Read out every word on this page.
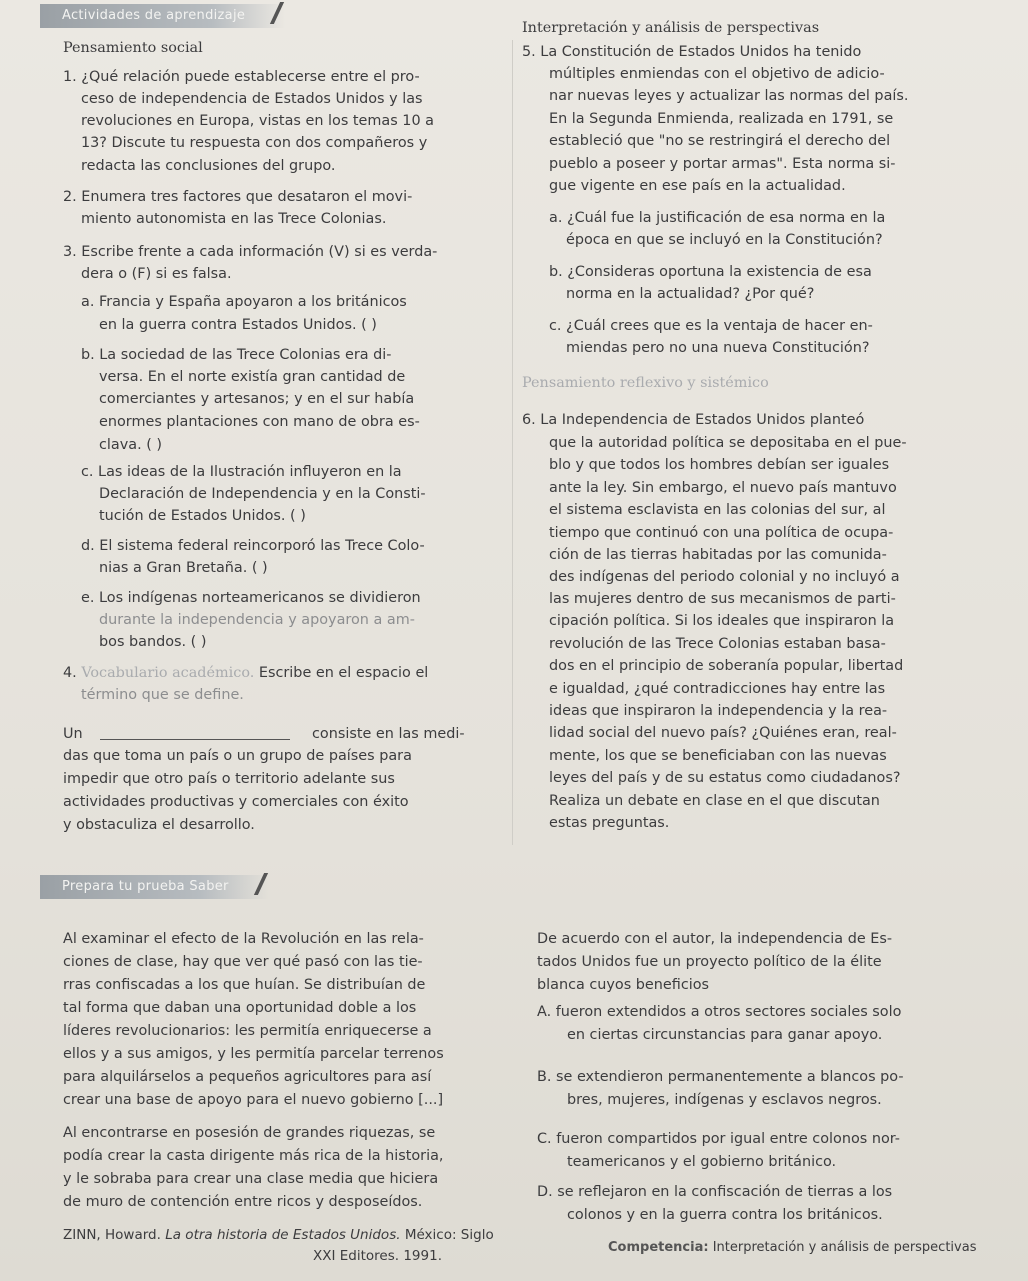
Actividades de aprendizaje
Pensamiento social
1. ¿Qué relación puede establecerse entre el pro-
ceso de independencia de Estados Unidos y las
revoluciones en Europa, vistas en los temas 10 a
13? Discute tu respuesta con dos compañeros y
redacta las conclusiones del grupo.
2. Enumera tres factores que desataron el movi-
miento autonomista en las Trece Colonias.
3. Escribe frente a cada información (V) si es verda-
dera o (F) si es falsa.
a. Francia y España apoyaron a los británicos
en la guerra contra Estados Unidos. ( )
b. La sociedad de las Trece Colonias era di-
versa. En el norte existía gran cantidad de
comerciantes y artesanos; y en el sur había
enormes plantaciones con mano de obra es-
clava. ( )
c. Las ideas de la Ilustración influyeron en la
Declaración de Independencia y en la Consti-
tución de Estados Unidos. ( )
d. El sistema federal reincorporó las Trece Colo-
nias a Gran Bretaña. ( )
e. Los indígenas norteamericanos se dividieron
durante la independencia y apoyaron a am-
bos bandos. ( )
4. Vocabulario académico. Escribe en el espacio el
término que se define.
Un	consiste en las medi-
das que toma un país o un grupo de países para
impedir que otro país o territorio adelante sus
actividades productivas y comerciales con éxito
y obstaculiza el desarrollo.
Interpretación y análisis de perspectivas
5. La Constitución de Estados Unidos ha tenido
múltiples enmiendas con el objetivo de adicio-
nar nuevas leyes y actualizar las normas del país.
En la Segunda Enmienda, realizada en 1791, se
estableció que "no se restringirá el derecho del
pueblo a poseer y portar armas". Esta norma si-
gue vigente en ese país en la actualidad.
a. ¿Cuál fue la justificación de esa norma en la
época en que se incluyó en la Constitución?
b. ¿Consideras oportuna la existencia de esa
norma en la actualidad? ¿Por qué?
c. ¿Cuál crees que es la ventaja de hacer en-
miendas pero no una nueva Constitución?
Pensamiento reflexivo y sistémico
6. La Independencia de Estados Unidos planteó
que la autoridad política se depositaba en el pue-
blo y que todos los hombres debían ser iguales
ante la ley. Sin embargo, el nuevo país mantuvo
el sistema esclavista en las colonias del sur, al
tiempo que continuó con una política de ocupa-
ción de las tierras habitadas por las comunida-
des indígenas del periodo colonial y no incluyó a
las mujeres dentro de sus mecanismos de parti-
cipación política. Si los ideales que inspiraron la
revolución de las Trece Colonias estaban basa-
dos en el principio de soberanía popular, libertad
e igualdad, ¿qué contradicciones hay entre las
ideas que inspiraron la independencia y la rea-
lidad social del nuevo país? ¿Quiénes eran, real-
mente, los que se beneficiaban con las nuevas
leyes del país y de su estatus como ciudadanos?
Realiza un debate en clase en el que discutan
estas preguntas.
Prepara tu prueba Saber
Al examinar el efecto de la Revolución en las rela-
ciones de clase, hay que ver qué pasó con las tie-
rras confiscadas a los que huían. Se distribuían de
tal forma que daban una oportunidad doble a los
líderes revolucionarios: les permitía enriquecerse a
ellos y a sus amigos, y les permitía parcelar terrenos
para alquilárselos a pequeños agricultores para así
crear una base de apoyo para el nuevo gobierno [...]
Al encontrarse en posesión de grandes riquezas, se
podía crear la casta dirigente más rica de la historia,
y le sobraba para crear una clase media que hiciera
de muro de contención entre ricos y desposeídos.
ZINN, Howard. La otra historia de Estados Unidos. México: Siglo
XXI Editores. 1991.
De acuerdo con el autor, la independencia de Es-
tados Unidos fue un proyecto político de la élite
blanca cuyos beneficios
A. fueron extendidos a otros sectores sociales solo
en ciertas circunstancias para ganar apoyo.
B. se extendieron permanentemente a blancos po-
bres, mujeres, indígenas y esclavos negros.
C. fueron compartidos por igual entre colonos nor-
teamericanos y el gobierno británico.
D. se reflejaron en la confiscación de tierras a los
colonos y en la guerra contra los británicos.
Competencia: Interpretación y análisis de perspectivas
